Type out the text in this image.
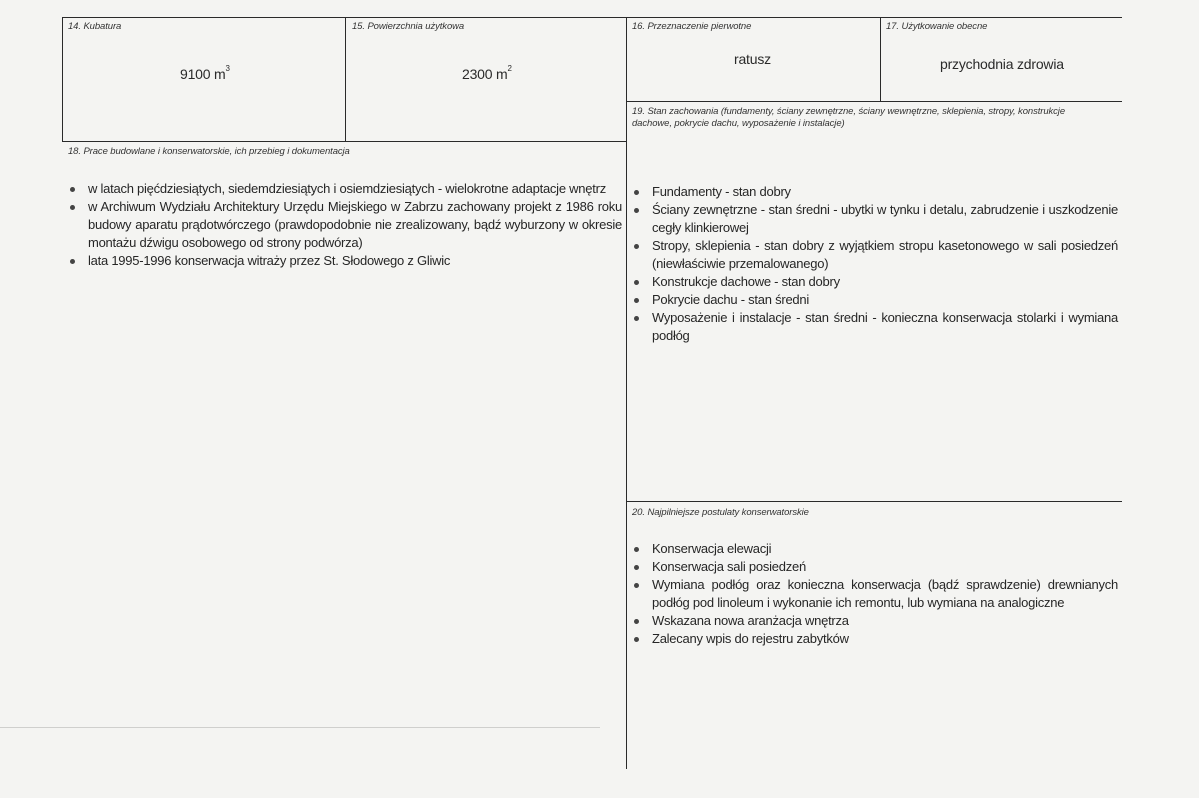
14. Kubatura
9100 $m^3$
15. Powierzchnia użytkowa
2300 $m^2$
16. Przeznaczenie pierwotne
ratusz
17. Użytkowanie obecne
przychodnia zdrowia
19. Stan zachowania (fundamenty, ściany zewnętrzne, ściany wewnętrzne, sklepienia, stropy, konstrukcje dachowe, pokrycie dachu, wyposażenie i instalacje)
Fundamenty - stan dobry
Ściany zewnętrzne - stan średni - ubytki w tynku i detalu, zabrudzenie i uszkodzenie cegły klinkierowej
Stropy, sklepienia - stan dobry z wyjątkiem stropu kasetonowego w sali posiedzeń (niewłaściwie przemalowanego)
Konstrukcje dachowe - stan dobry
Pokrycie dachu - stan średni
Wyposażenie i instalacje - stan średni - konieczna konserwacja stolarki i wymiana podłóg
18. Prace budowlane i konserwatorskie, ich przebieg i dokumentacja
w latach pięćdziesiątych, siedemdziesiątych i osiemdziesiątych - wielokrotne adaptacje wnętrz
w Archiwum Wydziału Architektury Urzędu Miejskiego w Zabrzu zachowany projekt z 1986 roku budowy aparatu prądotwórczego (prawdopodobnie nie zrealizowany, bądź wyburzony w okresie montażu dźwigu osobowego od strony podwórza)
lata 1995-1996 konserwacja witraży przez St. Słodowego z Gliwic
20. Najpilniejsze postulaty konserwatorskie
Konserwacja elewacji
Konserwacja sali posiedzeń
Wymiana podłóg oraz konieczna konserwacja (bądź sprawdzenie) drewnianych podłóg pod linoleum i wykonanie ich remontu, lub wymiana na analogiczne
Wskazana nowa aranżacja wnętrza
Zalecany wpis do rejestru zabytków
